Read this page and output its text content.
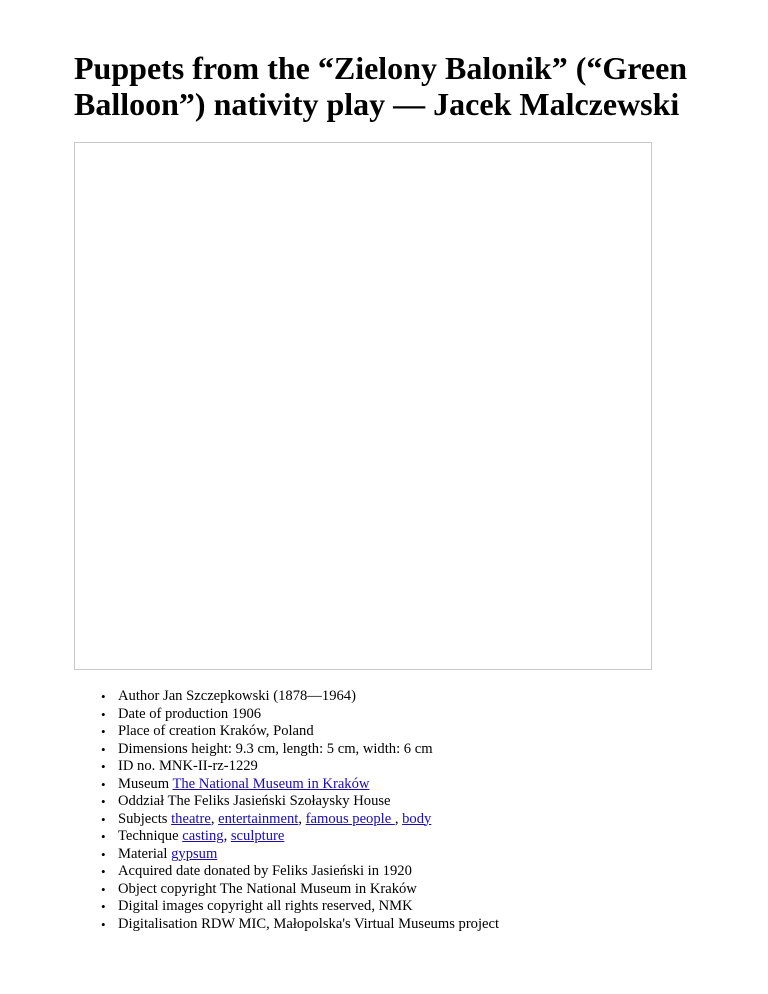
Puppets from the “Zielony Balonik” (“Green Balloon”) nativity play — Jacek Malczewski
• Author Jan Szczepkowski (1878—1964)
• Date of production 1906
• Place of creation Kraków, Poland
• Dimensions height: 9.3 cm, length: 5 cm, width: 6 cm
• ID no. MNK-II-rz-1229
• Museum The National Museum in Kraków
• Oddział The Feliks Jasieński Szołaysky House
• Subjects theatre, entertainment, famous people , body
• Technique casting, sculpture
• Material gypsum
• Acquired date donated by Feliks Jasieński in 1920
• Object copyright The National Museum in Kraków
• Digital images copyright all rights reserved, NMK
• Digitalisation RDW MIC, Małopolska's Virtual Museums project
